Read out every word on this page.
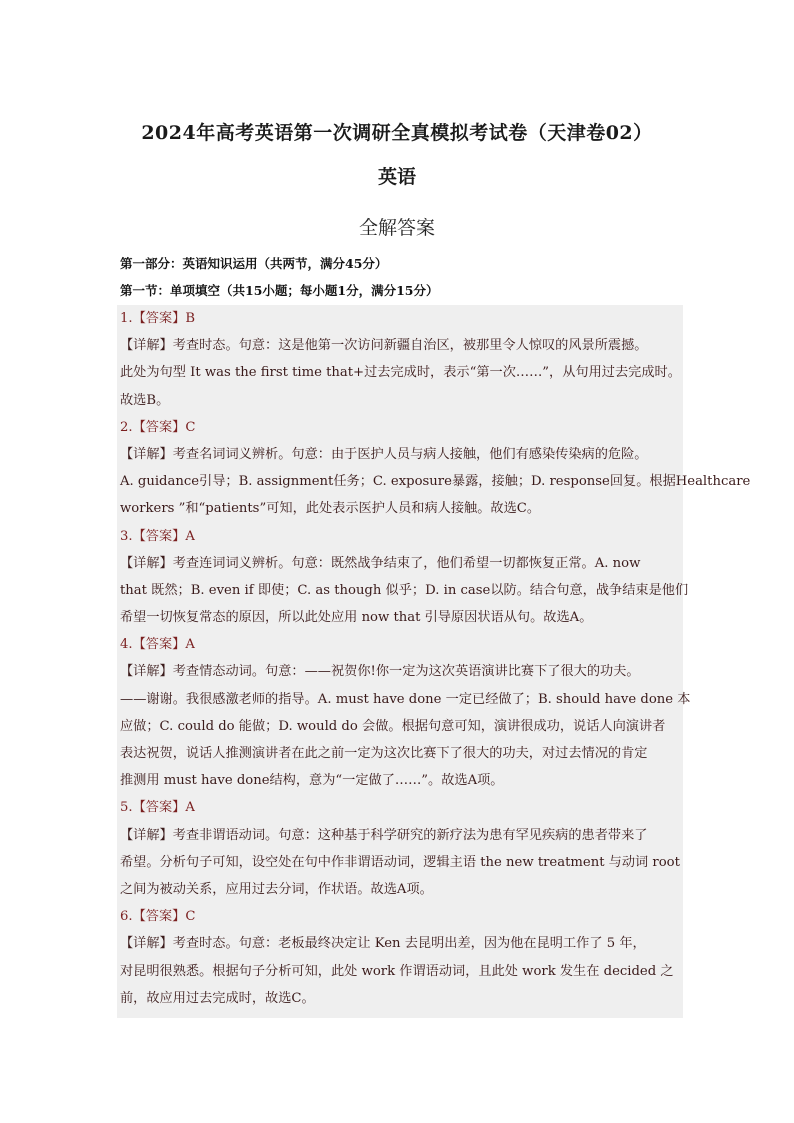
2024年高考英语第一次调研全真模拟考试卷（天津卷02）
英语
全解答案
第一部分：英语知识运用（共两节，满分45分）
第一节：单项填空（共15小题；每小题1分，满分15分）
1.【答案】B
【详解】考查时态。句意：这是他第一次访问新疆自治区，被那里令人惊叹的风景所震撼。
此处为句型 It was the first time that+过去完成时，表示“第一次……”，从句用过去完成时。
故选B。
2.【答案】C
【详解】考查名词词义辨析。句意：由于医护人员与病人接触，他们有感染传染病的危险。
A. guidance引导；B. assignment任务；C. exposure暴露，接触；D. response回复。根据Healthcare
workers ”和“patients”可知，此处表示医护人员和病人接触。故选C。
3.【答案】A
【详解】考查连词词义辨析。句意：既然战争结束了，他们希望一切都恢复正常。A. now
that 既然；B. even if 即使；C. as though 似乎；D. in case以防。结合句意，战争结束是他们
希望一切恢复常态的原因，所以此处应用 now that 引导原因状语从句。故选A。
4.【答案】A
【详解】考查情态动词。句意：——祝贺你!你一定为这次英语演讲比赛下了很大的功夫。
——谢谢。我很感激老师的指导。A. must have done 一定已经做了；B. should have done 本
应做；C. could do 能做；D. would do 会做。根据句意可知，演讲很成功，说话人向演讲者
表达祝贺，说话人推测演讲者在此之前一定为这次比赛下了很大的功夫，对过去情况的肯定
推测用 must have done结构，意为“一定做了……”。故选A项。
5.【答案】A
【详解】考查非谓语动词。句意：这种基于科学研究的新疗法为患有罕见疾病的患者带来了
希望。分析句子可知，设空处在句中作非谓语动词，逻辑主语 the new treatment 与动词 root
之间为被动关系，应用过去分词，作状语。故选A项。
6.【答案】C
【详解】考查时态。句意：老板最终决定让 Ken 去昆明出差，因为他在昆明工作了 5 年，
对昆明很熟悉。根据句子分析可知，此处 work 作谓语动词，且此处 work 发生在 decided 之
前，故应用过去完成时，故选C。
